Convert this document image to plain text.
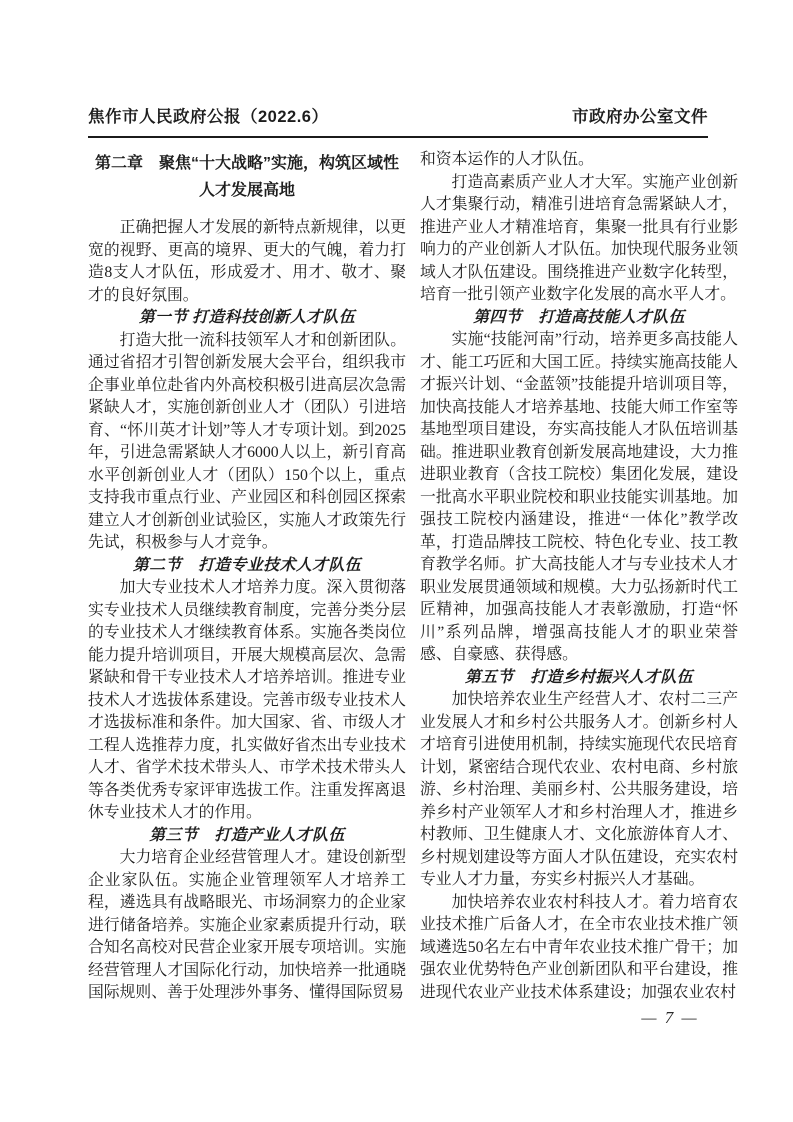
焦作市人民政府公报（2022.6）	市政府办公室文件
第二章　聚焦“十大战略”实施，构筑区域性
人才发展高地

正确把握人才发展的新特点新规律，以更宽的视野、更高的境界、更大的气魄，着力打造8支人才队伍，形成爱才、用才、敬才、聚才的良好氛围。

第一节 打造科技创新人才队伍

打造大批一流科技领军人才和创新团队。通过省招才引智创新发展大会平台，组织我市企事业单位赴省内外高校积极引进高层次急需紧缺人才，实施创新创业人才（团队）引进培育、“怀川英才计划”等人才专项计划。到2025年，引进急需紧缺人才6000人以上，新引育高水平创新创业人才（团队）150个以上，重点支持我市重点行业、产业园区和科创园区探索建立人才创新创业试验区，实施人才政策先行先试，积极参与人才竞争。

第二节　打造专业技术人才队伍

加大专业技术人才培养力度。深入贯彻落实专业技术人员继续教育制度，完善分类分层的专业技术人才继续教育体系。实施各类岗位能力提升培训项目，开展大规模高层次、急需紧缺和骨干专业技术人才培养培训。推进专业技术人才选拔体系建设。完善市级专业技术人才选拔标准和条件。加大国家、省、市级人才工程人选推荐力度，扎实做好省杰出专业技术人才、省学术技术带头人、市学术技术带头人等各类优秀专家评审选拔工作。注重发挥离退休专业技术人才的作用。

第三节　打造产业人才队伍

大力培育企业经营管理人才。建设创新型企业家队伍。实施企业管理领军人才培养工程，遴选具有战略眼光、市场洞察力的企业家进行储备培养。实施企业家素质提升行动，联合知名高校对民营企业家开展专项培训。实施经营管理人才国际化行动，加快培养一批通晓国际规则、善于处理涉外事务、懂得国际贸易

和资本运作的人才队伍。

打造高素质产业人才大军。实施产业创新人才集聚行动，精准引进培育急需紧缺人才，推进产业人才精准培育，集聚一批具有行业影响力的产业创新人才队伍。加快现代服务业领域人才队伍建设。围绕推进产业数字化转型，培育一批引领产业数字化发展的高水平人才。

第四节　打造高技能人才队伍

实施“技能河南”行动，培养更多高技能人才、能工巧匠和大国工匠。持续实施高技能人才振兴计划、“金蓝领”技能提升培训项目等，加快高技能人才培养基地、技能大师工作室等基地型项目建设，夯实高技能人才队伍培训基础。推进职业教育创新发展高地建设，大力推进职业教育（含技工院校）集团化发展，建设一批高水平职业院校和职业技能实训基地。加强技工院校内涵建设，推进“一体化”教学改革，打造品牌技工院校、特色化专业、技工教育教学名师。扩大高技能人才与专业技术人才职业发展贯通领域和规模。大力弘扬新时代工匠精神，加强高技能人才表彰激励，打造“怀川”系列品牌，增强高技能人才的职业荣誉感、自豪感、获得感。

第五节　打造乡村振兴人才队伍

加快培养农业生产经营人才、农村二三产业发展人才和乡村公共服务人才。创新乡村人才培育引进使用机制，持续实施现代农民培育计划，紧密结合现代农业、农村电商、乡村旅游、乡村治理、美丽乡村、公共服务建设，培养乡村产业领军人才和乡村治理人才，推进乡村教师、卫生健康人才、文化旅游体育人才、乡村规划建设等方面人才队伍建设，充实农村专业人才力量，夯实乡村振兴人才基础。

加快培养农业农村科技人才。着力培育农业技术推广后备人才，在全市农业技术推广领域遴选50名左右中青年农业技术推广骨干；加强农业优势特色产业创新团队和平台建设，推进现代农业产业技术体系建设；加强农业农村

— 7 —
